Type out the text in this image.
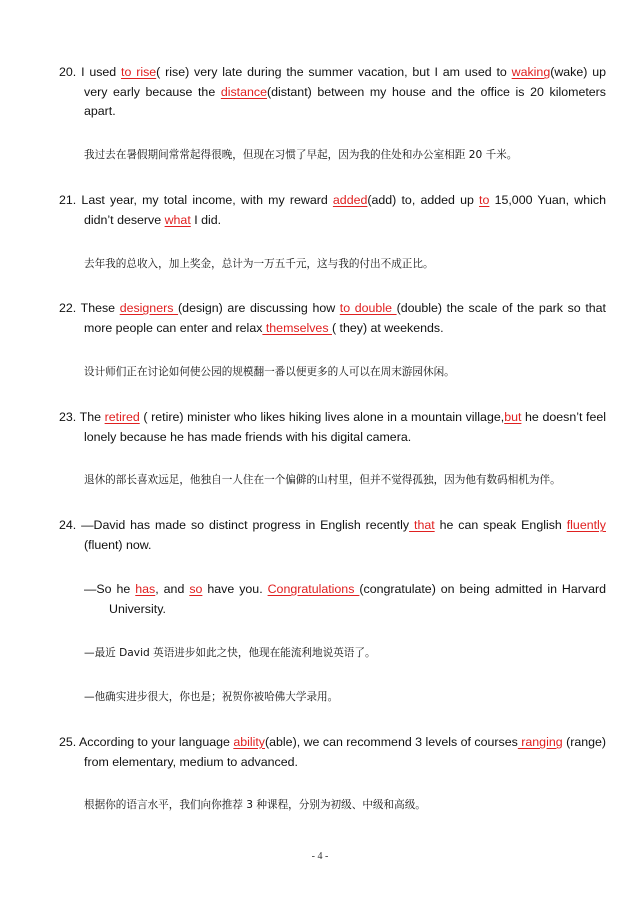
20. I used to rise( rise) very late during the summer vacation, but I am used to waking(wake) up very early because the distance(distant) between my house and the office is 20 kilometers apart.
我过去在暑假期间常常起得很晚，但现在习惯了早起，因为我的住处和办公室相距 20 千米。
21. Last year, my total income, with my reward added(add) to, added up to 15,000 Yuan, which didn’t deserve what I did.
去年我的总收入，加上奖金，总计为一万五千元，这与我的付出不成正比。
22. These designers (design) are discussing how to double (double) the scale of the park so that more people can enter and relax themselves ( they) at weekends.
设计师们正在讨论如何使公园的规模翻一番以便更多的人可以在周末游园休闲。
23. The retired ( retire) minister who likes hiking lives alone in a mountain village,but he doesn’t feel lonely because he has made friends with his digital camera.
退休的部长喜欢远足，他独自一人住在一个偏僻的山村里，但并不觉得孤独，因为他有数码相机为伴。
24. —David has made so distinct progress in English recently that he can speak English fluently (fluent) now.
—So he has, and so have you. Congratulations (congratulate) on being admitted in Harvard University.
—最近 David 英语进步如此之快，他现在能流利地说英语了。
—他确实进步很大，你也是；祝贺你被哈佛大学录用。
25. According to your language ability(able), we can recommend 3 levels of courses ranging (range) from elementary, medium to advanced.
根据你的语言水平，我们向你推荐 3 种课程，分别为初级、中级和高级。
- 4 -
